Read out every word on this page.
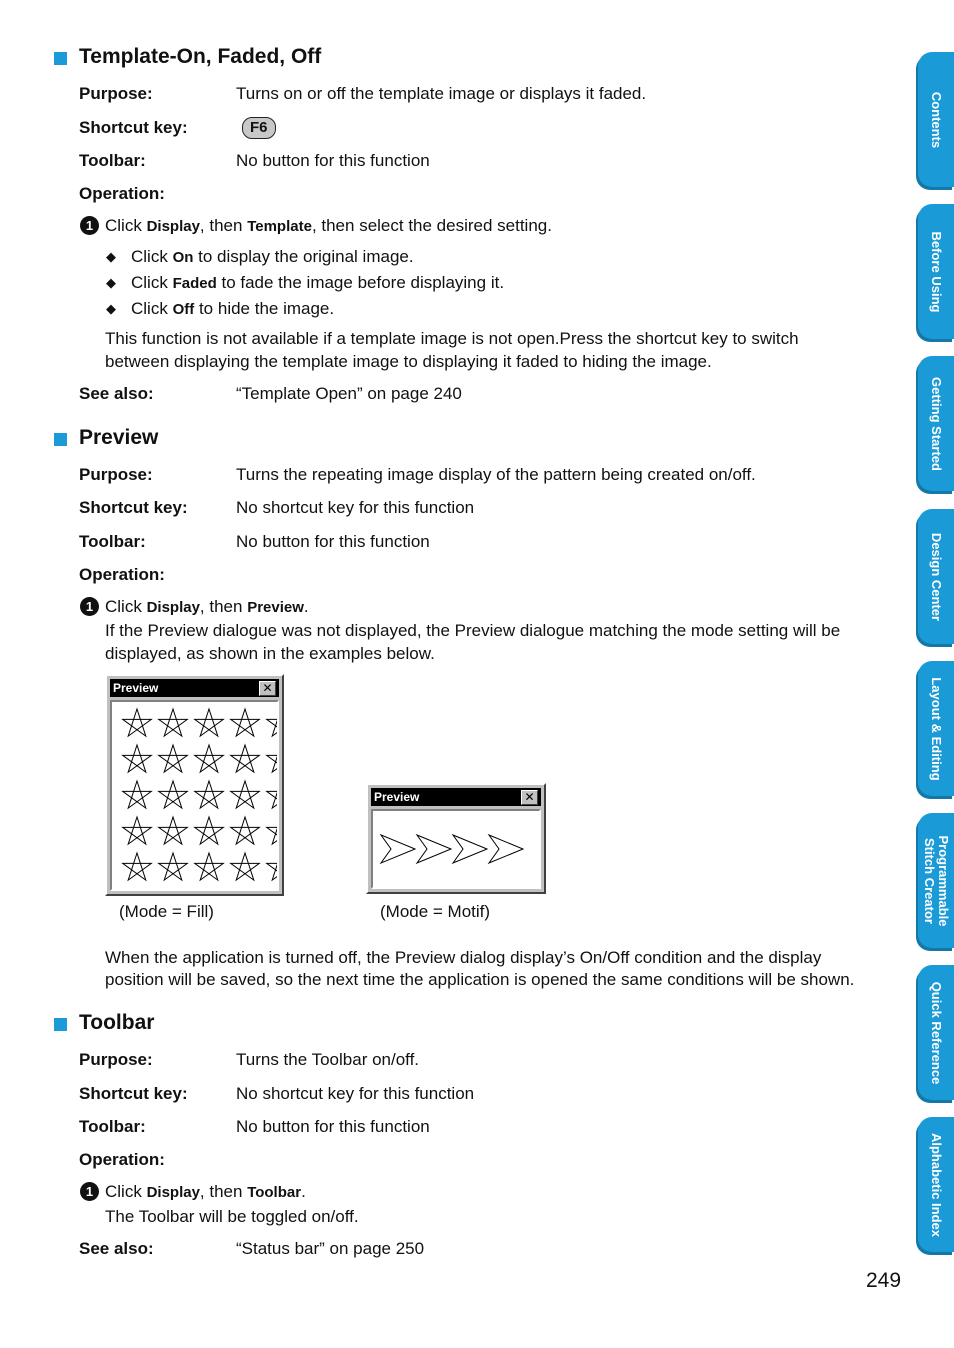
Template-On, Faded, Off
Purpose:	Turns on or off the template image or displays it faded.
Shortcut key:	F6
Toolbar:	No button for this function
Operation:
1 Click Display, then Template, then select the desired setting.
◆ Click On to display the original image.
◆ Click Faded to fade the image before displaying it.
◆ Click Off to hide the image.
This function is not available if a template image is not open.Press the shortcut key to switch
between displaying the template image to displaying it faded to hiding the image.
See also:	“Template Open” on page 240
Preview
Purpose:	Turns the repeating image display of the pattern being created on/off.
Shortcut key:	No shortcut key for this function
Toolbar:	No button for this function
Operation:
1 Click Display, then Preview.
If the Preview dialogue was not displayed, the Preview dialogue matching the mode setting will be
displayed, as shown in the examples below.
Preview	✕
Preview	✕
(Mode = Fill)	(Mode = Motif)
When the application is turned off, the Preview dialog display’s On/Off condition and the display
position will be saved, so the next time the application is opened the same conditions will be shown.
Toolbar
Purpose:	Turns the Toolbar on/off.
Shortcut key:	No shortcut key for this function
Toolbar:	No button for this function
Operation:
1 Click Display, then Toolbar.
The Toolbar will be toggled on/off.
See also:	“Status bar” on page 250
Contents
Before Using
Getting Started
Design Center
Layout & Editing
Programmable
Stitch Creator
Quick Reference
Alphabetic Index
249
